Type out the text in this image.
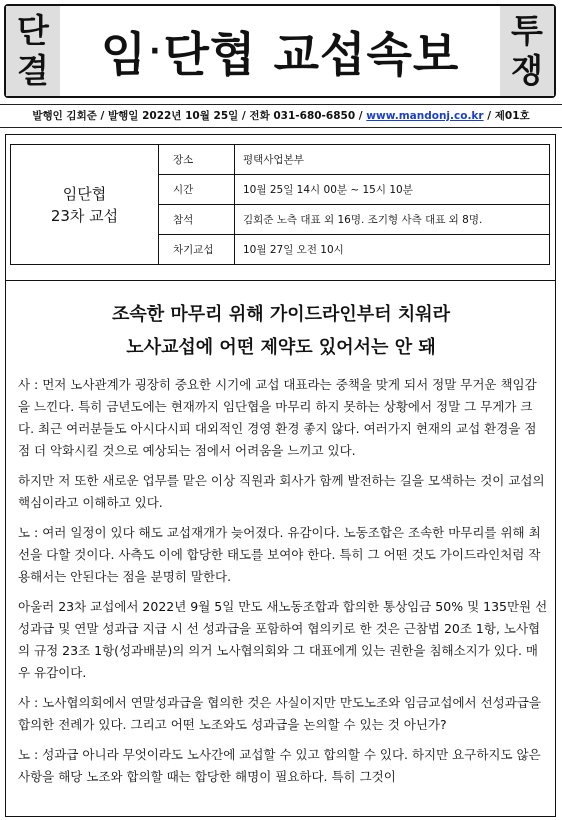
단
결 임 · 단협 교섭속보 투
쟁
발행인 김회준 / 발행일 2022년 10월 25일 / 전화 031-680-6850 / www.mandonj.co.kr / 제01호
임단협
23차 교섭	장소	평택사업본부
	시간	10월 25일 14시 00분 ~ 15시 10분
	참석	김회준 노측 대표 외 16명. 조기형 사측 대표 외 8명.
	차기교섭	10월 27일 오전 10시
조속한 마무리 위해 가이드라인부터 치워라
노사교섭에 어떤 제약도 있어서는 안 돼

사 : 먼저 노사관계가 굉장히 중요한 시기에 교섭 대표라는 중책을 맞게 되서 정말 무거운 책임감을 느낀다. 특히 금년도에는 현재까지 임단협을 마무리 하지 못하는 상황에서 정말 그 무게가 크다. 최근 여러분들도 아시다시피 대외적인 경영 환경 좋지 않다. 여러가지 현재의 교섭 환경을 점점 더 악화시킬 것으로 예상되는 점에서 어려움을 느끼고 있다.

하지만 저 또한 새로운 업무를 맡은 이상 직원과 회사가 함께 발전하는 길을 모색하는 것이 교섭의 핵심이라고 이해하고 있다.

노 : 여러 일정이 있다 해도 교섭재개가 늦어졌다. 유감이다. 노동조합은 조속한 마무리를 위해 최선을 다할 것이다. 사측도 이에 합당한 태도를 보여야 한다. 특히 그 어떤 것도 가이드라인처럼 작용해서는 안된다는 점을 분명히 말한다.

아울러 23차 교섭에서 2022년 9월 5일 만도 새노동조합과 합의한 통상임금 50% 및 135만원 선 성과급 및 연말 성과급 지급 시 선 성과급을 포함하여 협의키로 한 것은 근참법 20조 1항, 노사협의 규정 23조 1항(성과배분)의 의거 노사협의회와 그 대표에게 있는 권한을 침해소지가 있다. 매우 유감이다.

사 : 노사협의회에서 연말성과급을 협의한 것은 사실이지만 만도노조와 임금교섭에서 선성과급을 합의한 전례가 있다. 그리고 어떤 노조와도 성과급을 논의할 수 있는 것 아닌가?

노 : 성과급 아니라 무엇이라도 노사간에 교섭할 수 있고 합의할 수 있다. 하지만 요구하지도 않은 사항을 해당 노조와 합의할 때는 합당한 해명이 필요하다. 특히 그것이
